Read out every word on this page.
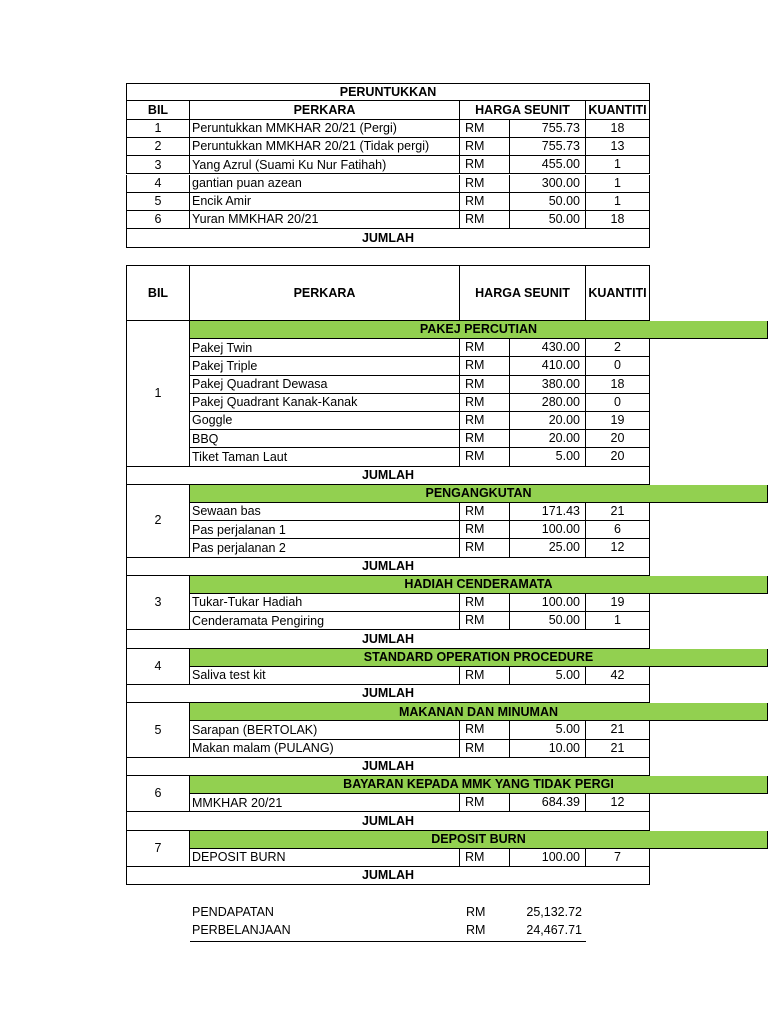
PERUNTUKKAN
BIL	PERKARA	HARGA SEUNIT	KUANTITI
1	Peruntukkan MMKHAR 20/21 (Pergi)	RM	755.73	18
2	Peruntukkan MMKHAR 20/21 (Tidak pergi)	RM	755.73	13
3	Yang Azrul (Suami Ku Nur Fatihah)	RM	455.00	1
4	gantian puan azean	RM	300.00	1
5	Encik Amir	RM	50.00	1
6	Yuran MMKHAR 20/21	RM	50.00	18
JUMLAH
BIL	PERKARA	HARGA SEUNIT	KUANTITI
1
PAKEJ PERCUTIAN
Pakej Twin	RM	430.00	2
Pakej Triple	RM	410.00	0
Pakej Quadrant Dewasa	RM	380.00	18
Pakej Quadrant Kanak-Kanak	RM	280.00	0
Goggle	RM	20.00	19
BBQ	RM	20.00	20
Tiket Taman Laut	RM	5.00	20
JUMLAH
2
PENGANGKUTAN
Sewaan bas	RM	171.43	21
Pas perjalanan 1	RM	100.00	6
Pas perjalanan 2	RM	25.00	12
JUMLAH
3
HADIAH CENDERAMATA
Tukar-Tukar Hadiah	RM	100.00	19
Cenderamata Pengiring	RM	50.00	1
JUMLAH
4
STANDARD OPERATION PROCEDURE
Saliva test kit	RM	5.00	42
JUMLAH
5
MAKANAN DAN MINUMAN
Sarapan (BERTOLAK)	RM	5.00	21
Makan malam (PULANG)	RM	10.00	21
JUMLAH
6
BAYARAN KEPADA MMK YANG TIDAK PERGI
MMKHAR 20/21	RM	684.39	12
JUMLAH
7
DEPOSIT BURN
DEPOSIT BURN	RM	100.00	7
JUMLAH
PENDAPATAN	RM	25,132.72
PERBELANJAAN	RM	24,467.71
